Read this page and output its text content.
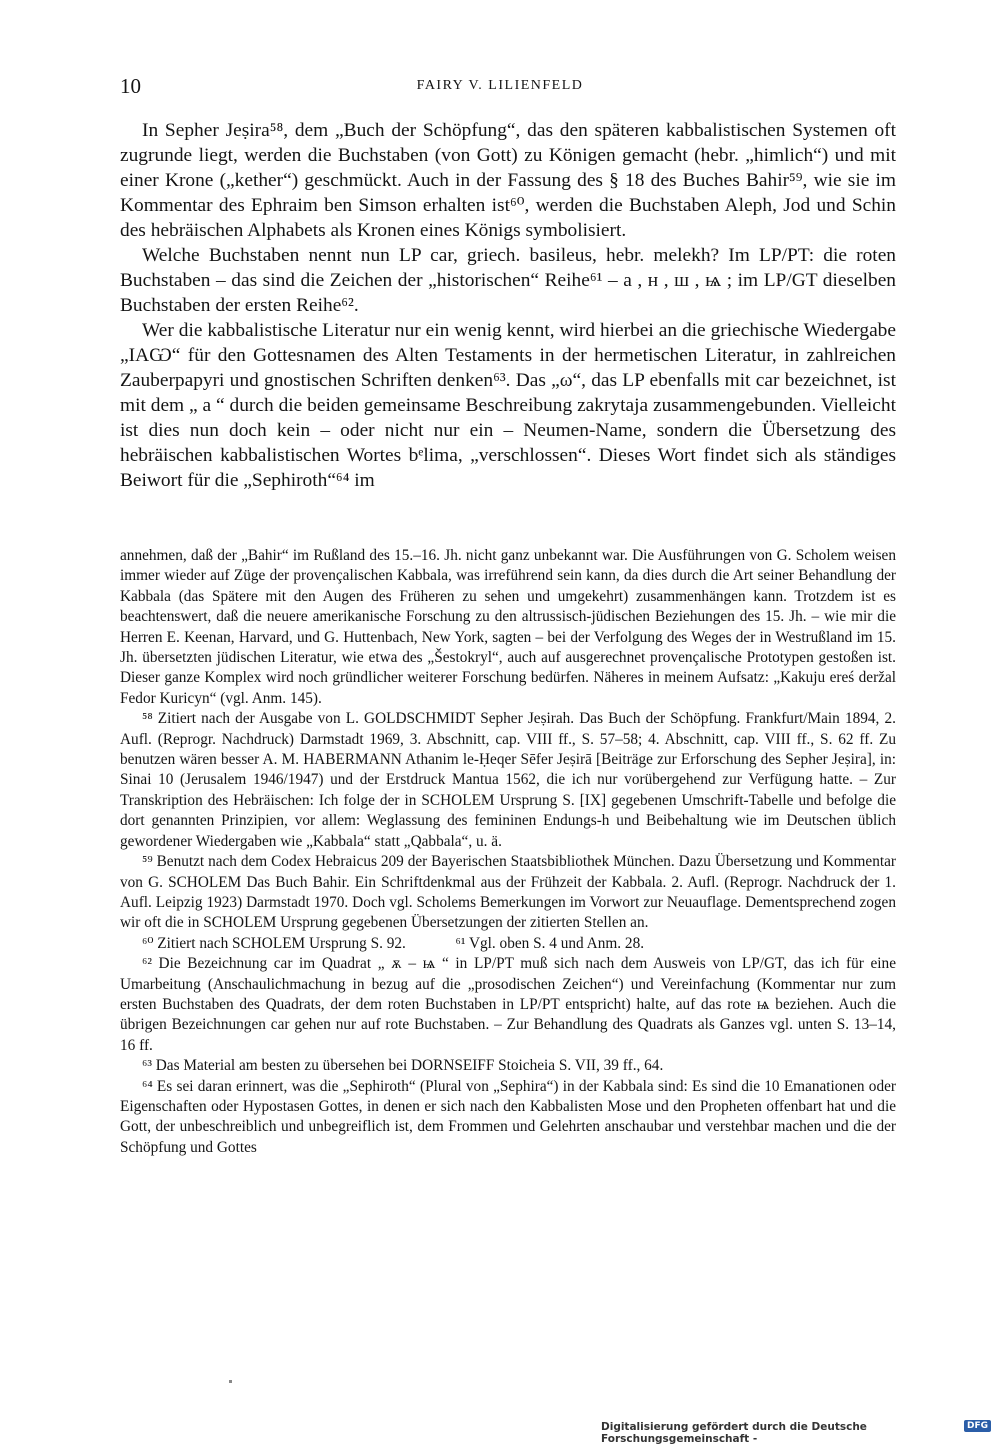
10	FAIRY V. LILIENFELD

In Sepher Jeṣira⁵⁸, dem „Buch der Schöpfung“, das den späteren kabbalistischen Systemen oft zugrunde liegt, werden die Buchstaben (von Gott) zu Königen gemacht (hebr. „himlich“) und mit einer Krone („kether“) geschmückt. Auch in der Fassung des § 18 des Buches Bahir⁵⁹, wie sie im Kommentar des Ephraim ben Simson erhalten ist⁶⁰, werden die Buchstaben Aleph, Jod und Schin des hebräischen Alphabets als Kronen eines Königs symbolisiert.

Welche Buchstaben nennt nun LP car, griech. basileus, hebr. melekh? Im LP/PT: die roten Buchstaben – das sind die Zeichen der „historischen“ Reihe⁶¹ – а , н , ш , ѩ ; im LP/GT dieselben Buchstaben der ersten Reihe⁶².

Wer die kabbalistische Literatur nur ein wenig kennt, wird hierbei an die griechische Wiedergabe „IAѠ“ für den Gottesnamen des Alten Testaments in der hermetischen Literatur, in zahlreichen Zauberpapyri und gnostischen Schriften denken⁶³. Das „ω“, das LP ebenfalls mit car bezeichnet, ist mit dem „ а “ durch die beiden gemeinsame Beschreibung zakrytaja zusammengebunden. Vielleicht ist dies nun doch kein – oder nicht nur ein – Neumen-Name, sondern die Übersetzung des hebräischen kabbalistischen Wortes bᵉlima, „verschlossen“. Dieses Wort findet sich als ständiges Beiwort für die „Sephiroth“⁶⁴ im

annehmen, daß der „Bahir“ im Rußland des 15.–16. Jh. nicht ganz unbekannt war. Die Ausführungen von G. Scholem weisen immer wieder auf Züge der provençalischen Kabbala, was irreführend sein kann, da dies durch die Art seiner Behandlung der Kabbala (das Spätere mit den Augen des Früheren zu sehen und umgekehrt) zusammenhängen kann. Trotzdem ist es beachtenswert, daß die neuere amerikanische Forschung zu den altrussisch-jüdischen Beziehungen des 15. Jh. – wie mir die Herren E. Keenan, Harvard, und G. Huttenbach, New York, sagten – bei der Verfolgung des Weges der in Westrußland im 15. Jh. übersetzten jüdischen Literatur, wie etwa des „Šestokryl“, auch auf ausgerechnet provençalische Prototypen gestoßen ist. Dieser ganze Komplex wird noch gründlicher weiterer Forschung bedürfen. Näheres in meinem Aufsatz: „Kakuju ereś deržal Fedor Kuricyn“ (vgl. Anm. 145).

⁵⁸ Zitiert nach der Ausgabe von L. GOLDSCHMIDT Sepher Jeṣirah. Das Buch der Schöpfung. Frankfurt/Main 1894, 2. Aufl. (Reprogr. Nachdruck) Darmstadt 1969, 3. Abschnitt, cap. VIII ff., S. 57–58; 4. Abschnitt, cap. VIII ff., S. 62 ff. Zu benutzen wären besser A. M. HABERMANN Athanim le-Ḥeqer Sēfer Jeṣirā [Beiträge zur Erforschung des Sepher Jeṣira], in: Sinai 10 (Jerusalem 1946/1947) und der Erstdruck Mantua 1562, die ich nur vorübergehend zur Verfügung hatte. – Zur Transkription des Hebräischen: Ich folge der in SCHOLEM Ursprung S. [IX] gegebenen Umschrift-Tabelle und befolge die dort genannten Prinzipien, vor allem: Weglassung des femininen Endungs-h und Beibehaltung wie im Deutschen üblich gewordener Wiedergaben wie „Kabbala“ statt „Qabbala“, u. ä.

⁵⁹ Benutzt nach dem Codex Hebraicus 209 der Bayerischen Staatsbibliothek München. Dazu Übersetzung und Kommentar von G. SCHOLEM Das Buch Bahir. Ein Schriftdenkmal aus der Frühzeit der Kabbala. 2. Aufl. (Reprogr. Nachdruck der 1. Aufl. Leipzig 1923) Darmstadt 1970. Doch vgl. Scholems Bemerkungen im Vorwort zur Neuauflage. Dementsprechend zogen wir oft die in SCHOLEM Ursprung gegebenen Übersetzungen der zitierten Stellen an.

⁶⁰ Zitiert nach SCHOLEM Ursprung S. 92.	⁶¹ Vgl. oben S. 4 und Anm. 28.

⁶² Die Bezeichnung car im Quadrat „ ѫ – ѩ “ in LP/PT muß sich nach dem Ausweis von LP/GT, das ich für eine Umarbeitung (Anschaulichmachung in bezug auf die „prosodischen Zeichen“) und Vereinfachung (Kommentar nur zum ersten Buchstaben des Quadrats, der dem roten Buchstaben in LP/PT entspricht) halte, auf das rote ѩ beziehen. Auch die übrigen Bezeichnungen car gehen nur auf rote Buchstaben. – Zur Behandlung des Quadrats als Ganzes vgl. unten S. 13–14, 16 ff.

⁶³ Das Material am besten zu übersehen bei DORNSEIFF Stoicheia S. VII, 39 ff., 64.

⁶⁴ Es sei daran erinnert, was die „Sephiroth“ (Plural von „Sephira“) in der Kabbala sind: Es sind die 10 Emanationen oder Eigenschaften oder Hypostasen Gottes, in denen er sich nach den Kabbalisten Mose und den Propheten offenbart hat und die Gott, der unbeschreiblich und unbegreiflich ist, dem Frommen und Gelehrten anschaubar und verstehbar machen und die der Schöpfung und Gottes

Digitalisierung gefördert durch die Deutsche Forschungsgemeinschaft -
DFG
